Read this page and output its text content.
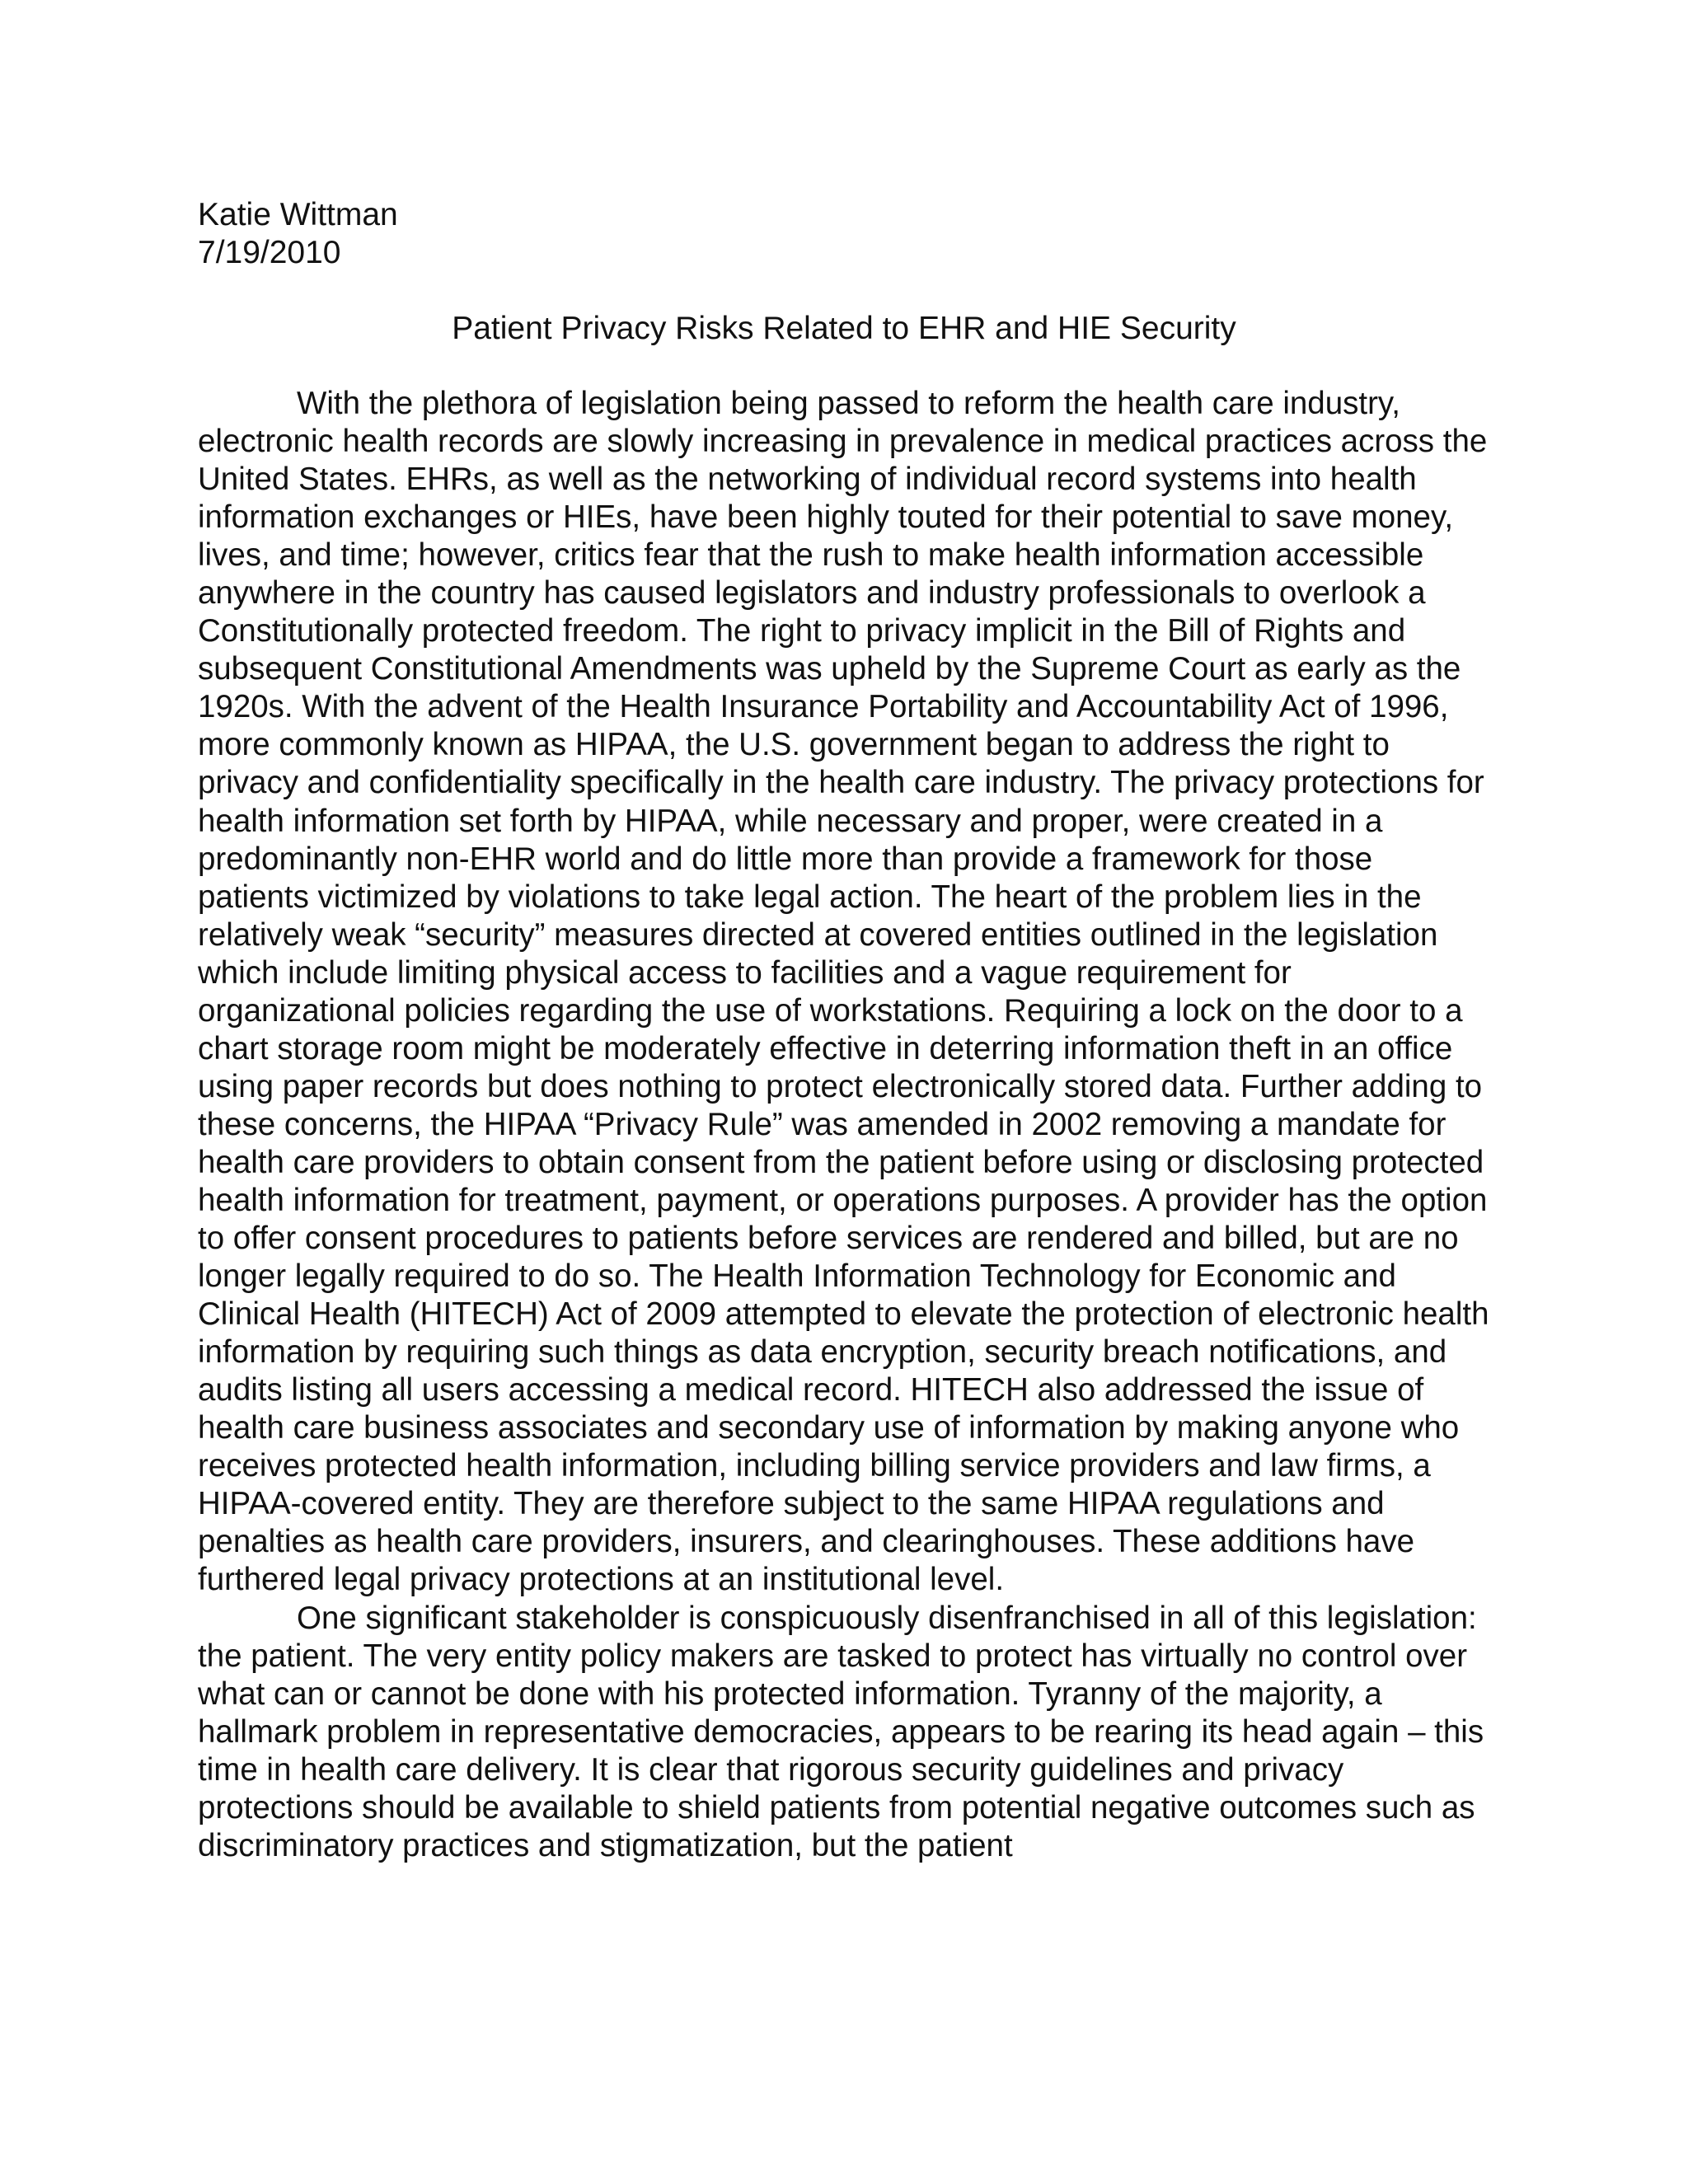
Katie Wittman
7/19/2010
Patient Privacy Risks Related to EHR and HIE Security

With the plethora of legislation being passed to reform the health care industry, electronic health records are slowly increasing in prevalence in medical practices across the United States. EHRs, as well as the networking of individual record systems into health information exchanges or HIEs, have been highly touted for their potential to save money, lives, and time; however, critics fear that the rush to make health information accessible anywhere in the country has caused legislators and industry professionals to overlook a Constitutionally protected freedom. The right to privacy implicit in the Bill of Rights and subsequent Constitutional Amendments was upheld by the Supreme Court as early as the 1920s. With the advent of the Health Insurance Portability and Accountability Act of 1996, more commonly known as HIPAA, the U.S. government began to address the right to privacy and confidentiality specifically in the health care industry. The privacy protections for health information set forth by HIPAA, while necessary and proper, were created in a predominantly non-EHR world and do little more than provide a framework for those patients victimized by violations to take legal action. The heart of the problem lies in the relatively weak “security” measures directed at covered entities outlined in the legislation which include limiting physical access to facilities and a vague requirement for organizational policies regarding the use of workstations. Requiring a lock on the door to a chart storage room might be moderately effective in deterring information theft in an office using paper records but does nothing to protect electronically stored data. Further adding to these concerns, the HIPAA “Privacy Rule” was amended in 2002 removing a mandate for health care providers to obtain consent from the patient before using or disclosing protected health information for treatment, payment, or operations purposes. A provider has the option to offer consent procedures to patients before services are rendered and billed, but are no longer legally required to do so. The Health Information Technology for Economic and Clinical Health (HITECH) Act of 2009 attempted to elevate the protection of electronic health information by requiring such things as data encryption, security breach notifications, and audits listing all users accessing a medical record. HITECH also addressed the issue of health care business associates and secondary use of information by making anyone who receives protected health information, including billing service providers and law firms, a HIPAA-covered entity. They are therefore subject to the same HIPAA regulations and penalties as health care providers, insurers, and clearinghouses. These additions have furthered legal privacy protections at an institutional level.

One significant stakeholder is conspicuously disenfranchised in all of this legislation: the patient. The very entity policy makers are tasked to protect has virtually no control over what can or cannot be done with his protected information. Tyranny of the majority, a hallmark problem in representative democracies, appears to be rearing its head again – this time in health care delivery. It is clear that rigorous security guidelines and privacy protections should be available to shield patients from potential negative outcomes such as discriminatory practices and stigmatization, but the patient
